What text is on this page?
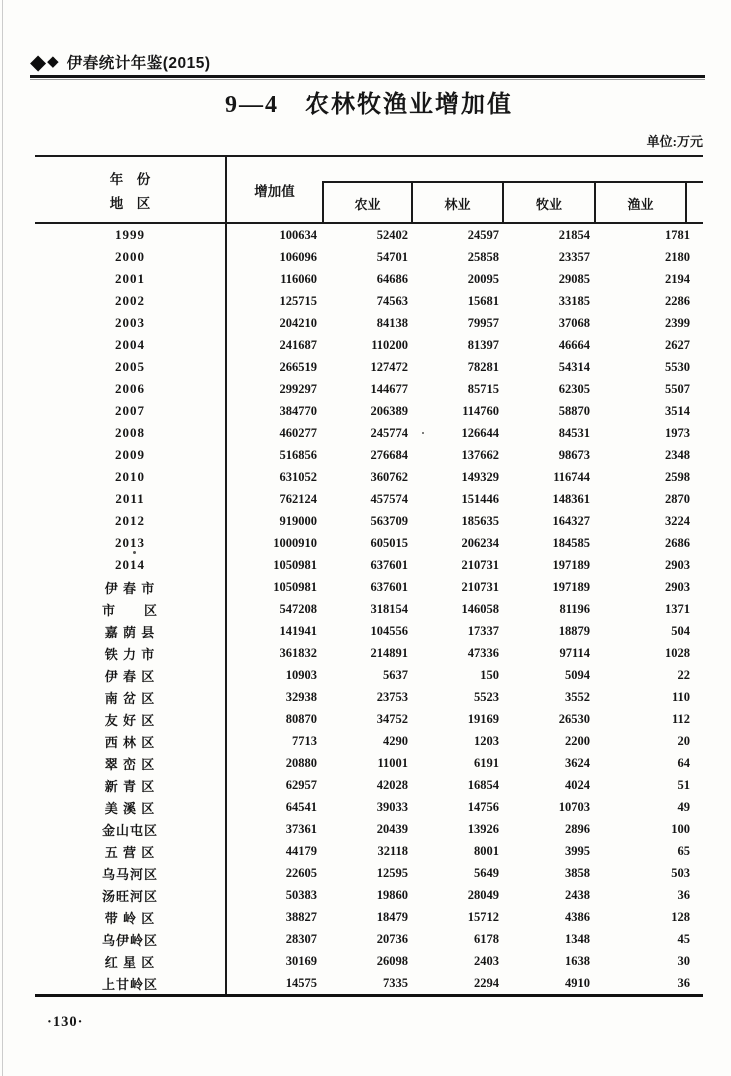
◆ ◆ 伊春统计年鉴(2015)
9—4　农林牧渔业增加值
单位:万元
年　份
地　区
增加值
农业	林业	牧业	渔业
1999	100634	52402	24597	21854	1781
2000	106096	54701	25858	23357	2180
2001	116060	64686	20095	29085	2194
2002	125715	74563	15681	33185	2286
2003	204210	84138	79957	37068	2399
2004	241687	110200	81397	46664	2627
2005	266519	127472	78281	54314	5530
2006	299297	144677	85715	62305	5507
2007	384770	206389	114760	58870	3514
2008	460277	245774	126644	84531	1973
2009	516856	276684	137662	98673	2348
2010	631052	360762	149329	116744	2598
2011	762124	457574	151446	148361	2870
2012	919000	563709	185635	164327	3224
2013	1000910	605015	206234	184585	2686
2014	1050981	637601	210731	197189	2903
伊 春 市	1050981	637601	210731	197189	2903
市　　区	547208	318154	146058	81196	1371
嘉 荫 县	141941	104556	17337	18879	504
铁 力 市	361832	214891	47336	97114	1028
伊 春 区	10903	5637	150	5094	22
南 岔 区	32938	23753	5523	3552	110
友 好 区	80870	34752	19169	26530	112
西 林 区	7713	4290	1203	2200	20
翠 峦 区	20880	11001	6191	3624	64
新 青 区	62957	42028	16854	4024	51
美 溪 区	64541	39033	14756	10703	49
金山屯区	37361	20439	13926	2896	100
五 营 区	44179	32118	8001	3995	65
乌马河区	22605	12595	5649	3858	503
汤旺河区	50383	19860	28049	2438	36
带 岭 区	38827	18479	15712	4386	128
乌伊岭区	28307	20736	6178	1348	45
红 星 区	30169	26098	2403	1638	30
上甘岭区	14575	7335	2294	4910	36
·130·
